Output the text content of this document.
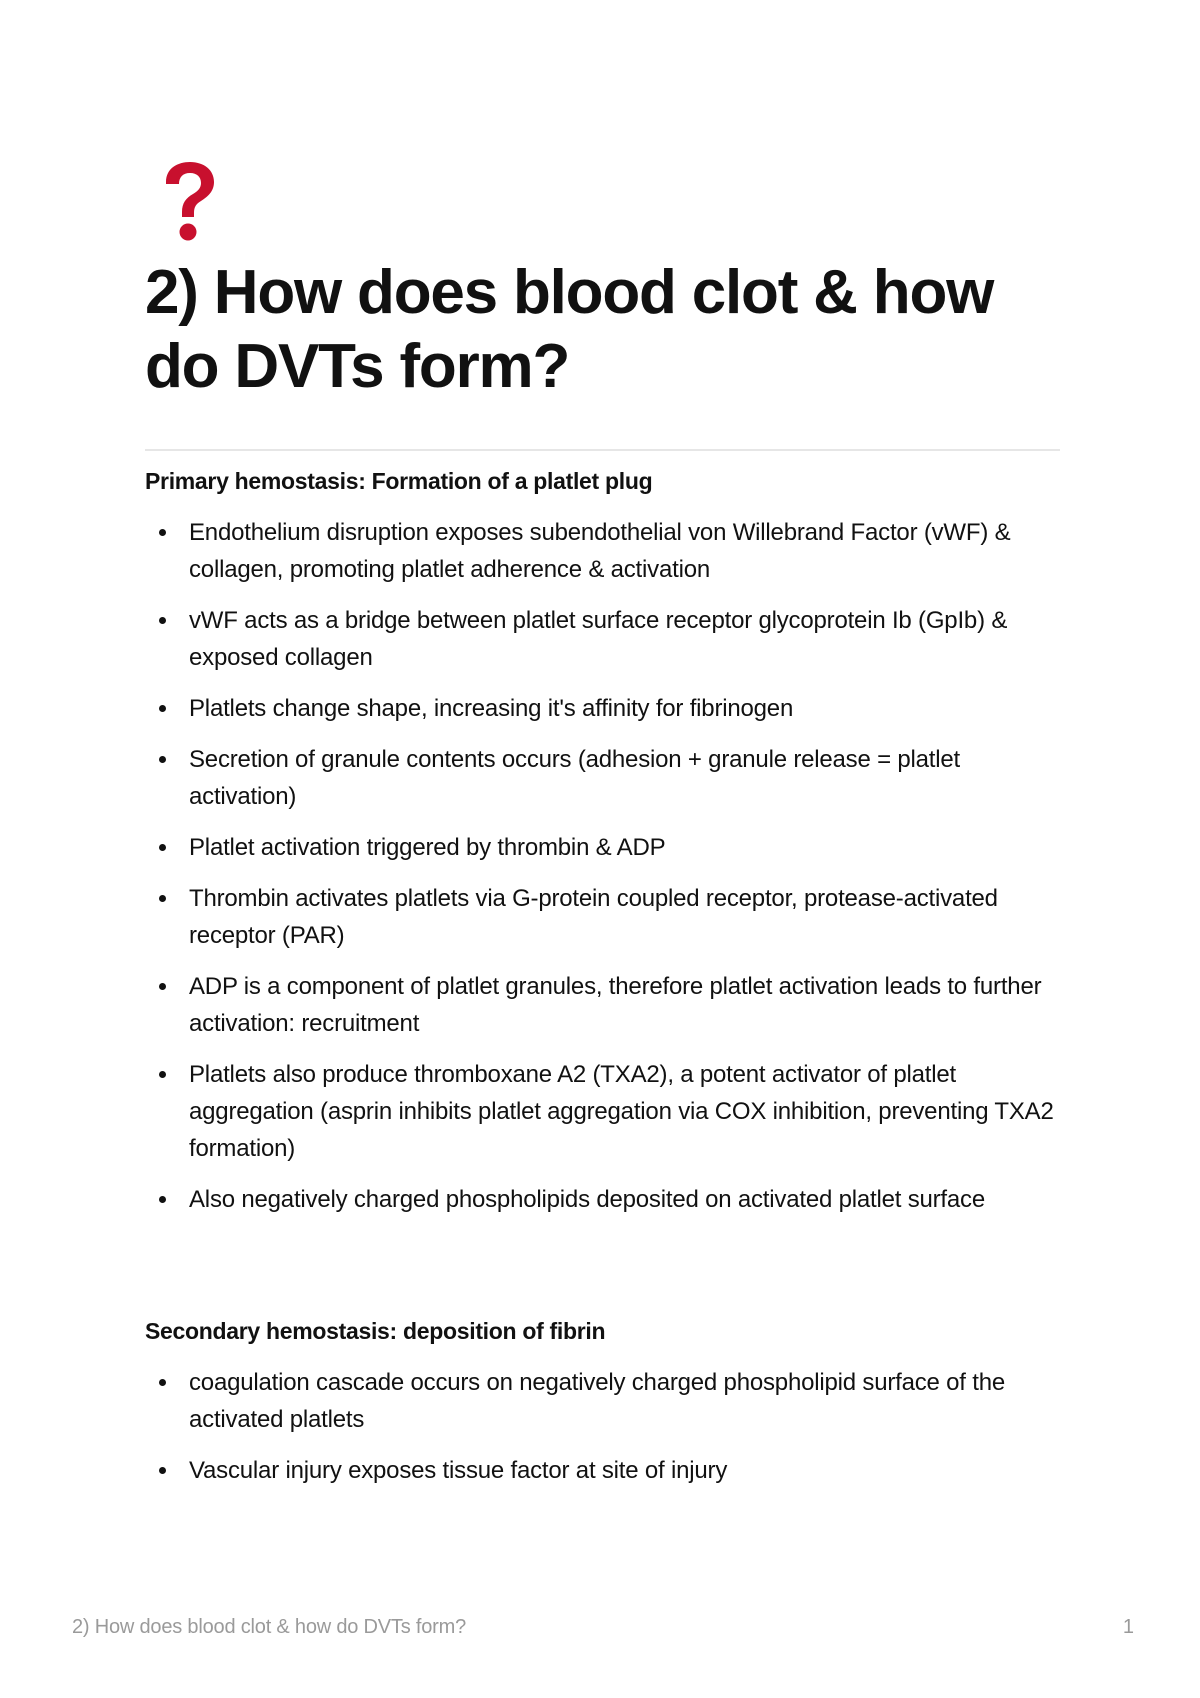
2) How does blood clot & how do DVTs form?

Primary hemostasis: Formation of a platlet plug

Endothelium disruption exposes subendothelial von Willebrand Factor (vWF) & collagen, promoting platlet adherence & activation
vWF acts as a bridge between platlet surface receptor glycoprotein Ib (GpIb) & exposed collagen
Platlets change shape, increasing it's affinity for fibrinogen
Secretion of granule contents occurs (adhesion + granule release = platlet activation)
Platlet activation triggered by thrombin & ADP
Thrombin activates platlets via G-protein coupled receptor, protease-activated receptor (PAR)
ADP is a component of platlet granules, therefore platlet activation leads to further activation: recruitment
Platlets also produce thromboxane A2 (TXA2), a potent activator of platlet aggregation (asprin inhibits platlet aggregation via COX inhibition, preventing TXA2 formation)
Also negatively charged phospholipids deposited on activated platlet surface

Secondary hemostasis: deposition of fibrin

coagulation cascade occurs on negatively charged phospholipid surface of the activated platlets
Vascular injury exposes tissue factor at site of injury
2) How does blood clot & how do DVTs form?	1
